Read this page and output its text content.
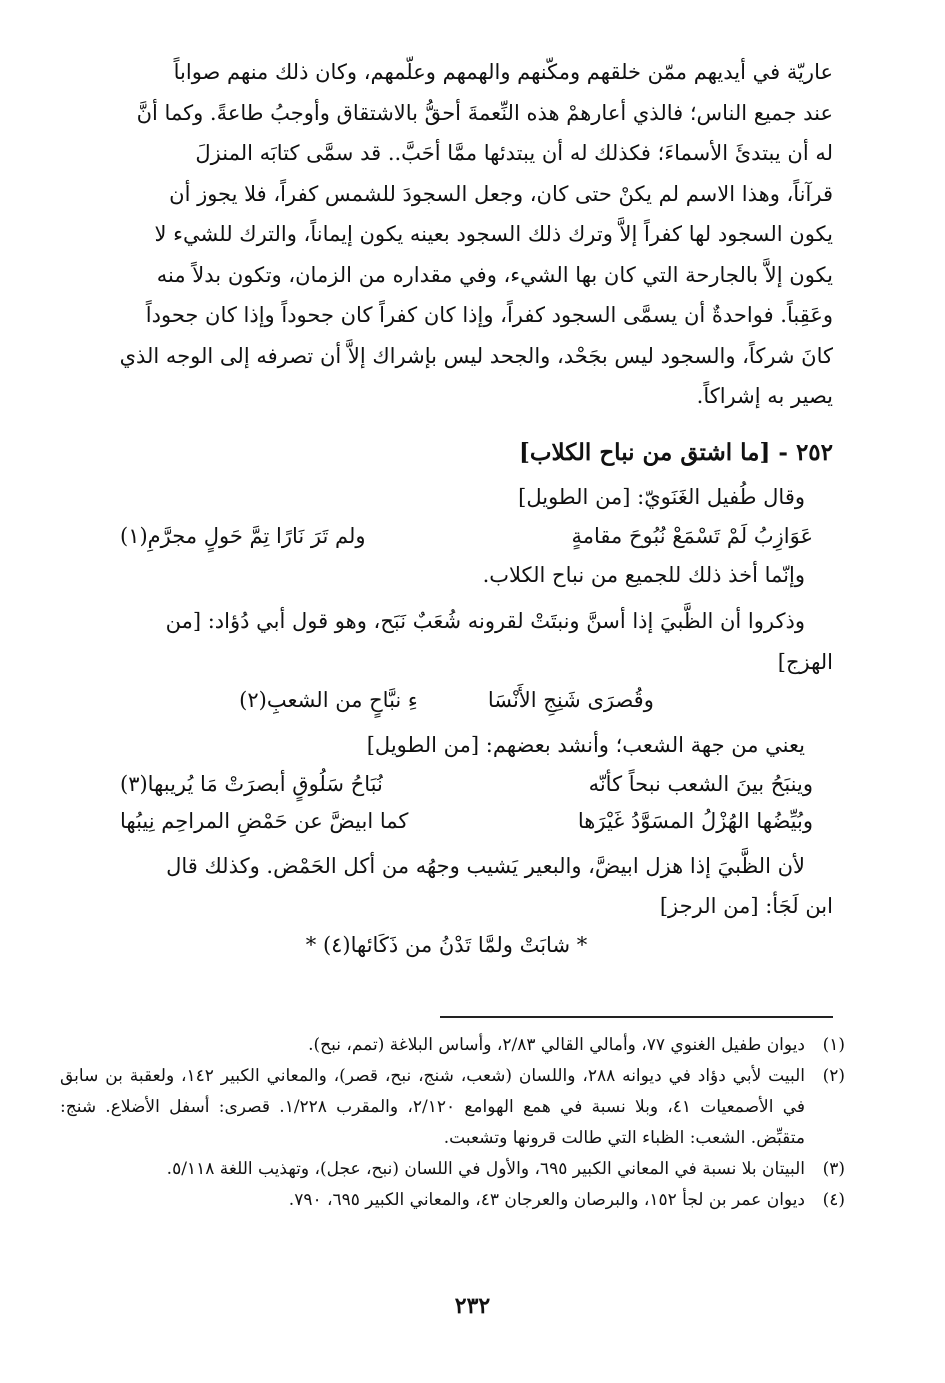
عاريّة في أيديهم ممّن خلقهم ومكّنهم والهمهم وعلّمهم، وكان ذلك منهم صواباً

عند جميع الناس؛ فالذي أعارهمْ هذه النِّعمةَ أحقُّ بالاشتقاق وأوجبُ طاعةً. وكما أنَّ

له أن يبتدئَ الأسماءَ؛ فكذلك له أن يبتدئها ممَّا أحَبَّ.. قد سمَّى كتابَه المنزلَ

قرآناً، وهذا الاسم لم يكنْ حتى كان، وجعل السجودَ للشمس كفراً، فلا يجوز أن

يكون السجود لها كفراً إلاَّ وترك ذلك السجود بعينه يكون إيماناً، والترك للشيء لا

يكون إلاَّ بالجارحة التي كان بها الشيء، وفي مقداره من الزمان، وتكون بدلاً منه

وعَقِباً. فواحدةٌ أن يسمَّى السجود كفراً، وإذا كان كفراً كان جحوداً وإذا كان جحوداً

كانَ شركاً، والسجود ليس بجَحْد، والجحد ليس بإشراك إلاَّ أن تصرفه إلى الوجه الذي

يصير به إشراكاً.

٢٥٢ - [ما اشتق من نباح الكلاب]

وقال طُفيل الغَنَويّ: [من الطويل]

عَوَازِبُ لَمْ تَسْمَعْ نُبُوحَ مقامةٍ
ولم تَرَ نَارًا تِمَّ حَولٍ مجرَّمِ(١)

وإنّما أخذ ذلك للجميع من نباح الكلاب.

وذكروا أن الظَّبيَ إذا أسنَّ ونبتَتْ لقرونه شُعَبٌ نَبَح، وهو قول أبي دُؤاد: [من

الهزج]

وقُصرَى شَنِجِ الأَنْسَا
ءِ نبَّاحٍ من الشعبِ(٢)

يعني من جهة الشعب؛ وأنشد بعضهم: [من الطويل]

وينبَحُ بينَ الشعب نبحاً كأنّه
نُبَاحُ سَلُوقٍ أبصرَتْ مَا يُريبها(٣)
وبُيِّضُها الهُزْلُ المسَوَّدُ غَيْرَها
كما ابيضَّ عن حَمْضِ المراحِم نِيبُها

لأن الظَّبيَ إذا هزل ابيضَّ، والبعير يَشيب وجهُه من أكل الحَمْض. وكذلك قال

ابن لَجَأ: [من الرجز]

* شابَتْ ولمَّا تَدْنُ من ذَكَائها(٤) *
(١)
ديوان طفيل الغنوي ٧٧، وأمالي القالي ٢/٨٣، وأساس البلاغة (تمم، نبح).
(٢)
البيت لأبي دؤاد في ديوانه ٢٨٨، واللسان (شعب، شنج، نبح، قصر)، والمعاني الكبير ١٤٢، ولعقبة بن سابق في الأصمعيات ٤١، وبلا نسبة في همع الهوامع ٢/١٢٠، والمقرب ١/٢٢٨. قصرى: أسفل الأضلاع. شنج: متقبِّض. الشعب: الظباء التي طالت قرونها وتشعبت.
(٣)
البيتان بلا نسبة في المعاني الكبير ٦٩٥، والأول في اللسان (نبح، عجل)، وتهذيب اللغة ٥/١١٨.
(٤)
ديوان عمر بن لجأ ١٥٢، والبرصان والعرجان ٤٣، والمعاني الكبير ٦٩٥، ٧٩٠.
٢٣٢
